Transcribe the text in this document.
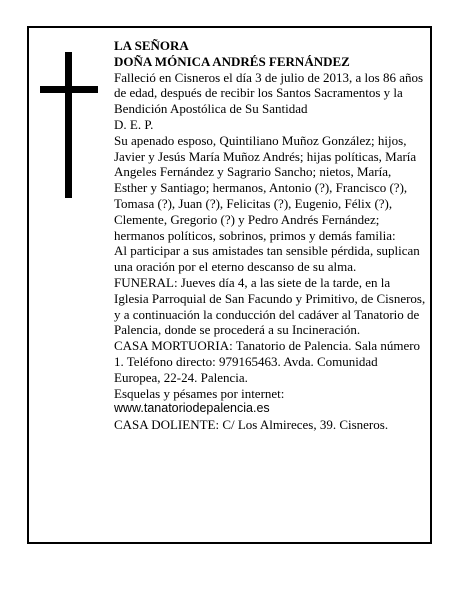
LA SEÑORA

DOÑA MÓNICA ANDRÉS FERNÁNDEZ

Falleció en Cisneros el día 3 de julio de 2013, a los 86 años de edad, después de recibir los Santos Sacramentos y la Bendición Apostólica de Su Santidad

D. E. P.

Su apenado esposo, Quintiliano Muñoz González; hijos, Javier y Jesús María Muñoz Andrés; hijas políticas, María Angeles Fernández y Sagrario Sancho; nietos, María, Esther y Santiago; hermanos, Antonio (?), Francisco (?), Tomasa (?), Juan (?), Felicitas (?), Eugenio, Félix (?), Clemente, Gregorio (?) y Pedro Andrés Fernández; hermanos políticos, sobrinos, primos y demás familia:

Al participar a sus amistades tan sensible pérdida, suplican una oración por el eterno descanso de su alma.

FUNERAL: Jueves día 4, a las siete de la tarde, en la Iglesia Parroquial de San Facundo y Primitivo, de Cisneros, y a continuación la conducción del cadáver al Tanatorio de Palencia, donde se procederá a su Incineración.

CASA MORTUORIA: Tanatorio de Palencia. Sala número 1. Teléfono directo: 979165463. Avda. Comunidad Europea, 22-24. Palencia.

Esquelas y pésames por internet:

www.tanatoriodepalencia.es

CASA DOLIENTE: C/ Los Almireces, 39. Cisneros.
